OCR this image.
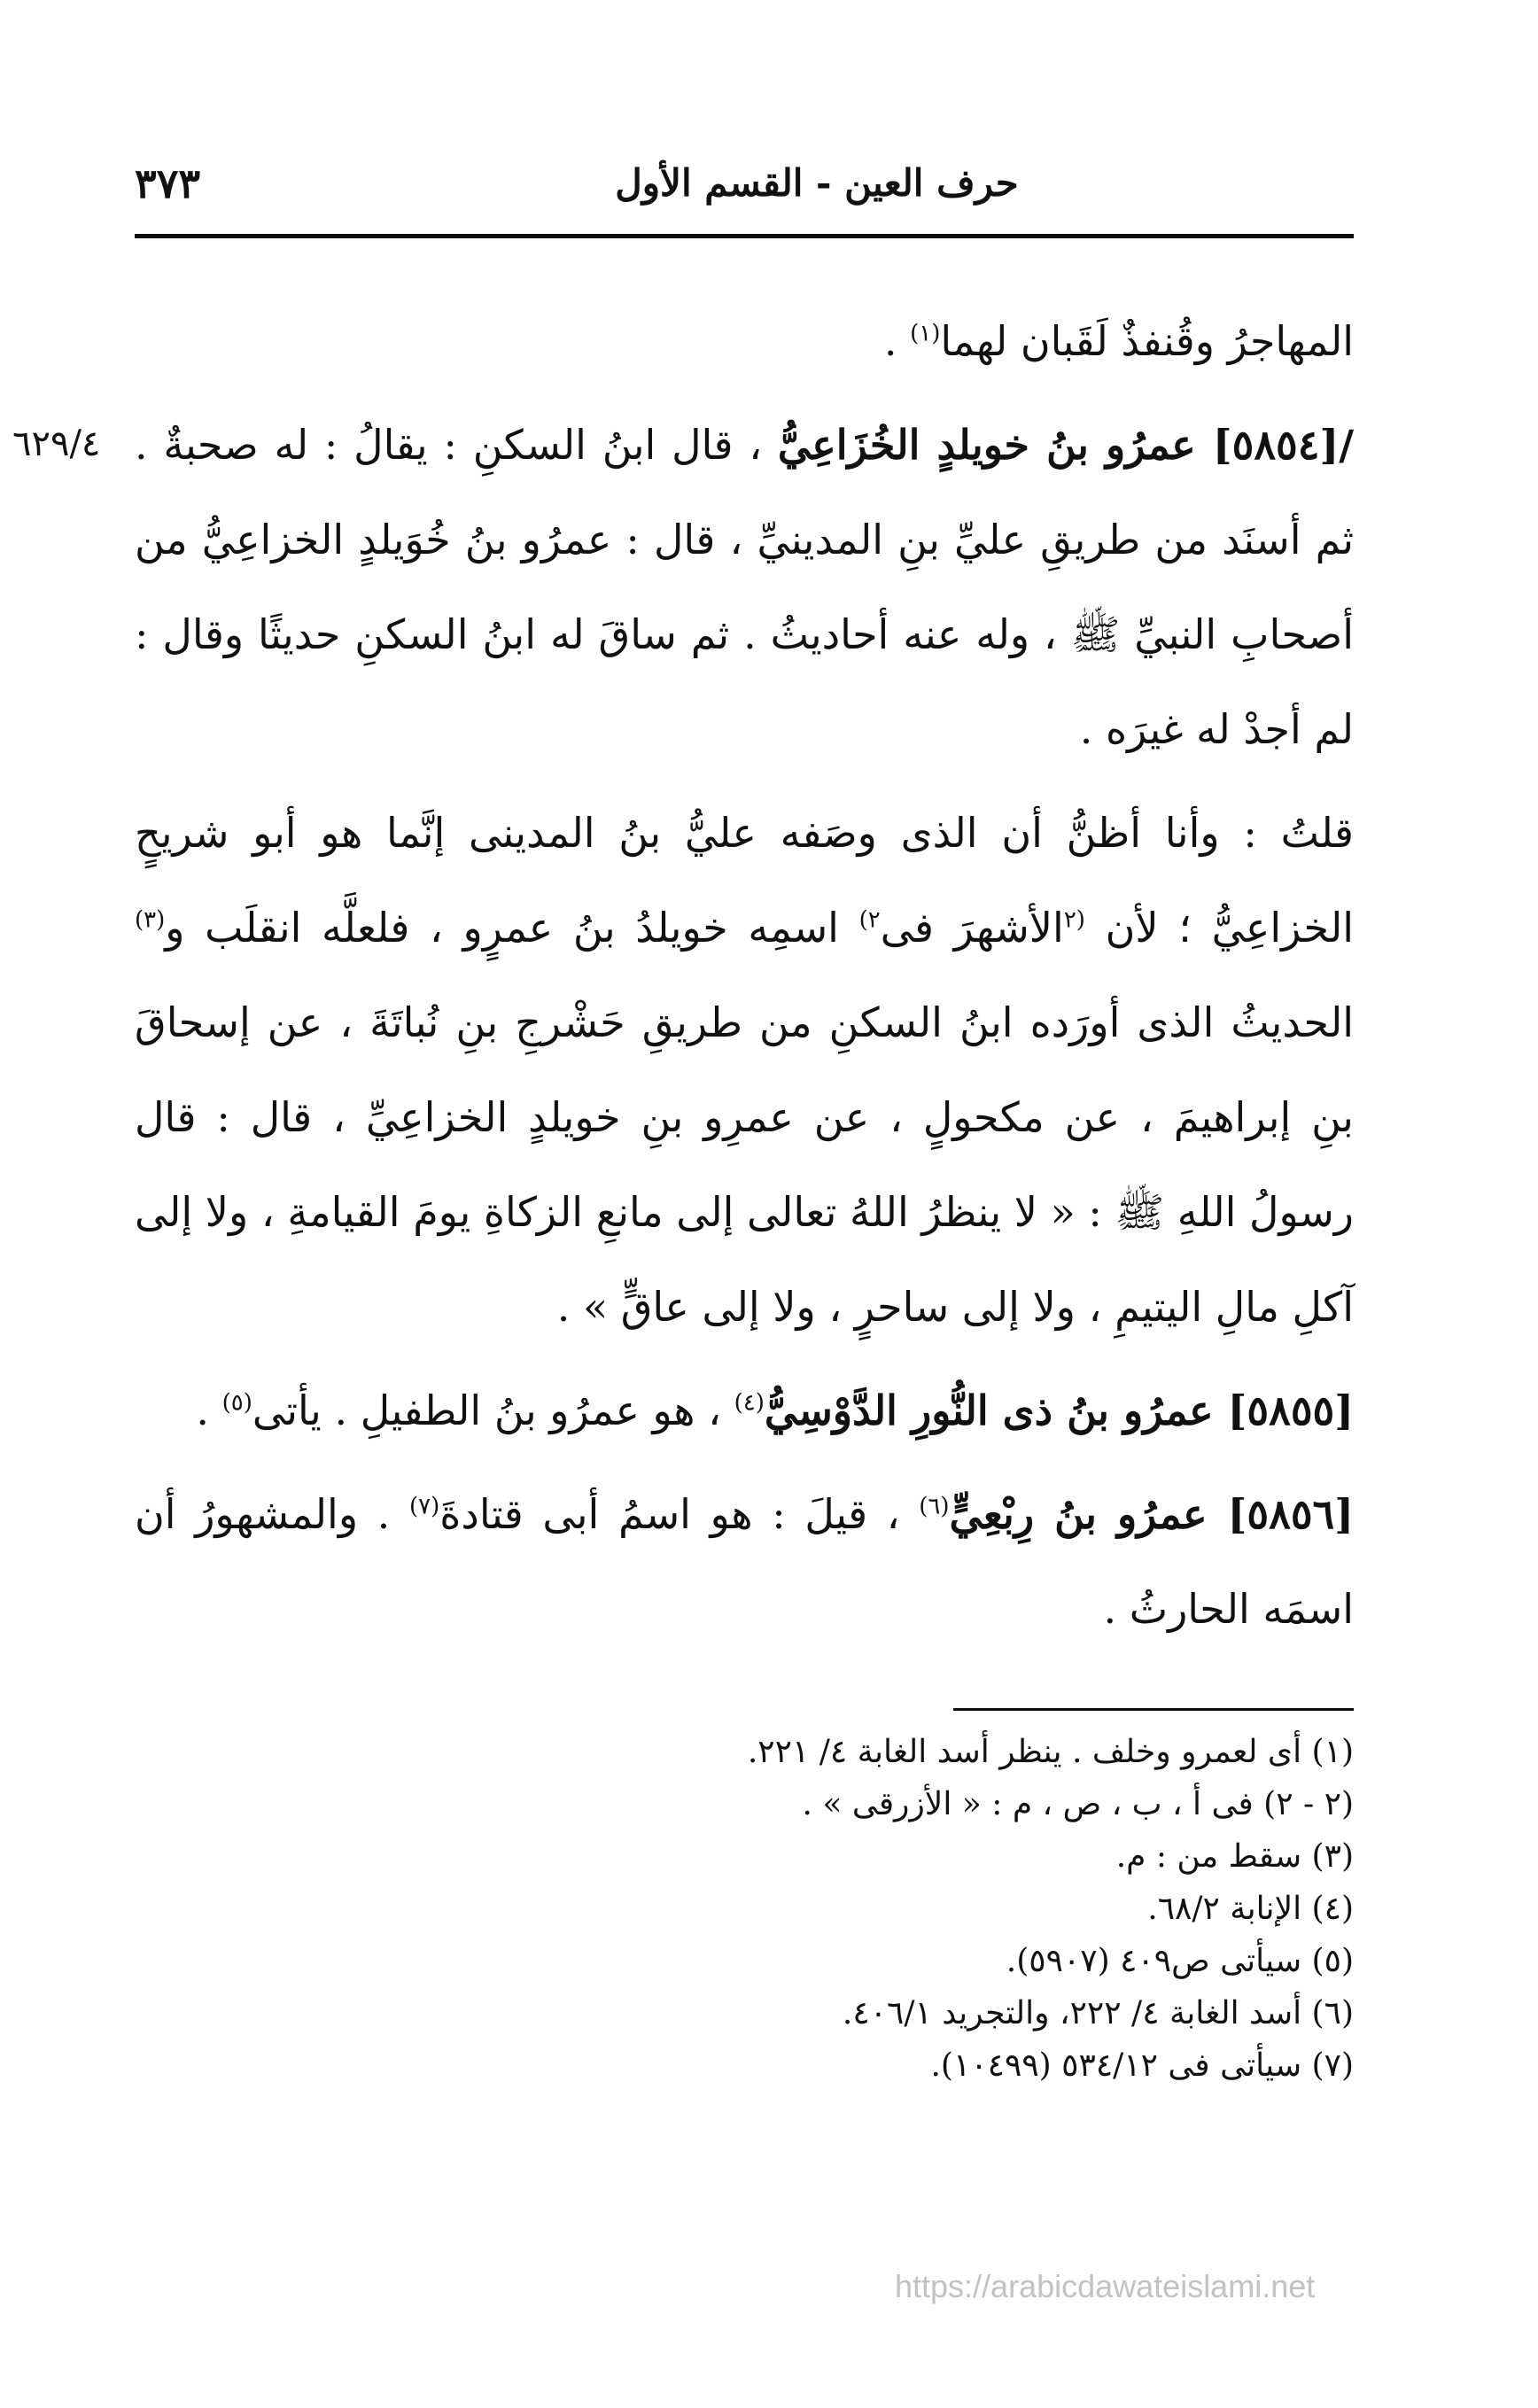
٣٧٣	حرف العين - القسم الأول
٦٢٩/٤

المهاجرُ وقُنفذٌ لَقَبان لهما$^{(١)}$ .

/[٥٨٥٤] عمرُو بنُ خويلدٍ الخُزَاعِيُّ ، قال ابنُ السكنِ : يقالُ : له صحبةٌ . ثم أسنَد من طريقِ عليِّ بنِ المدينيِّ ، قال : عمرُو بنُ خُوَيلدٍ الخزاعِيُّ من أصحابِ النبيِّ ﷺ ، وله عنه أحاديثُ . ثم ساقَ له ابنُ السكنِ حديثًا وقال : لم أجدْ له غيرَه .

قلتُ : وأنا أظنُّ أن الذى وصَفه عليُّ بنُ المدينى إنَّما هو أبو شريحٍ الخزاعِيُّ ؛ لأن $^{(٢}$الأشهرَ فى$^{٢)}$ اسمِه خويلدُ بنُ عمرٍو ، فلعلَّه انقلَب و$^{(٣)}$ الحديثُ الذى أورَده ابنُ السكنِ من طريقِ حَشْرجِ بنِ نُباتَةَ ، عن إسحاقَ بنِ إبراهيمَ ، عن مكحولٍ ، عن عمرِو بنِ خويلدٍ الخزاعِيِّ ، قال : قال رسولُ اللهِ ﷺ : « لا ينظرُ اللهُ تعالى إلى مانعِ الزكاةِ يومَ القيامةِ ، ولا إلى آكلِ مالِ اليتيمِ ، ولا إلى ساحرٍ ، ولا إلى عاقٍّ » .

[٥٨٥٥] عمرُو بنُ ذى النُّورِ الدَّوْسِيُّ$^{(٤)}$ ، هو عمرُو بنُ الطفيلِ . يأتى$^{(٥)}$ .

[٥٨٥٦] عمرُو بنُ رِبْعِيٍّ$^{(٦)}$ ، قيلَ : هو اسمُ أبى قتادةَ$^{(٧)}$ . والمشهورُ أن اسمَه الحارثُ .

(١) أى لعمرو وخلف . ينظر أسد الغابة ٤/ ٢٢١.

(٢ - ٢) فى أ ، ب ، ص ، م : « الأزرقى » .

(٣) سقط من : م.

(٤) الإنابة ٦٨/٢.

(٥) سيأتى ص٤٠٩ (٥٩٠٧).

(٦) أسد الغابة ٤/ ٢٢٢، والتجريد ٤٠٦/١.

(٧) سيأتى فى ٥٣٤/١٢ (١٠٤٩٩).

https://arabicdawateislami.net
